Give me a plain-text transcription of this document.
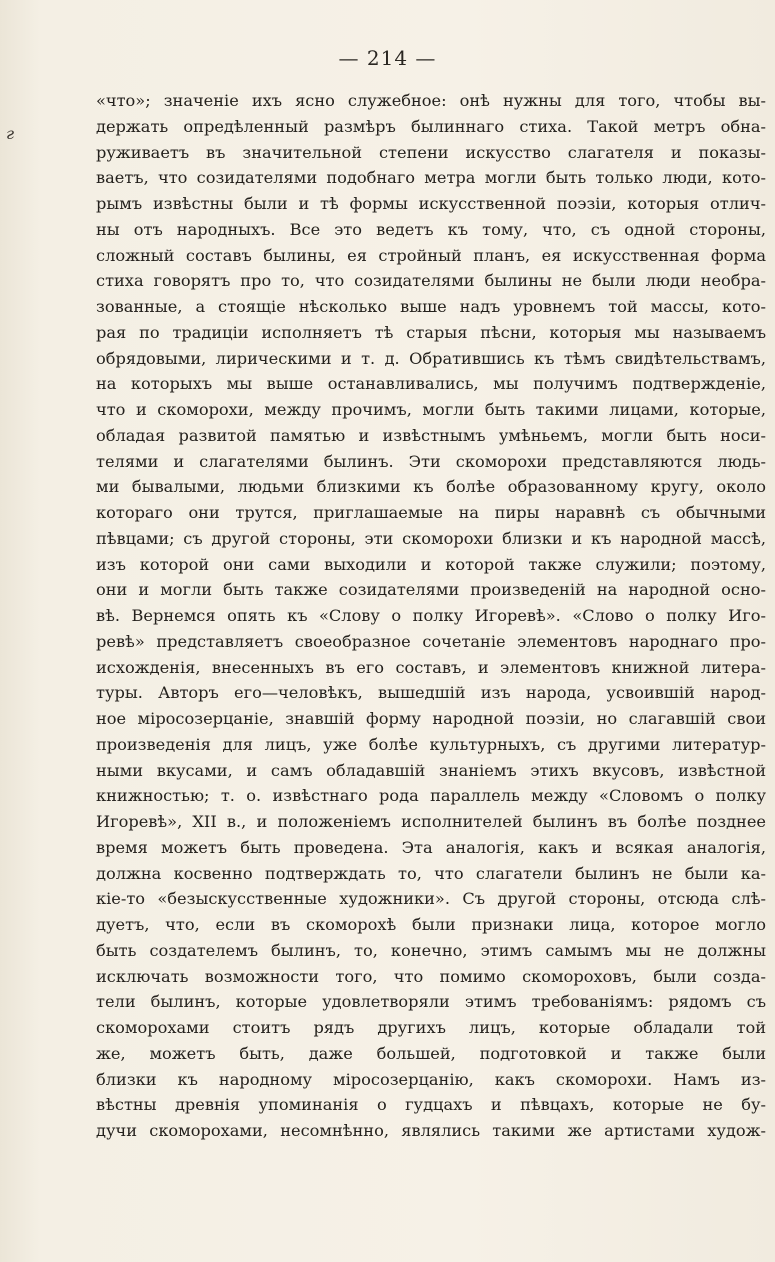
— 214 —
г
«что»; значеніе ихъ ясно служебное: онѣ нужны для того, чтобы вы-
держать опредѣленный размѣръ былиннаго стиха. Такой метръ обна-
руживаетъ въ значительной степени искусство слагателя и показы-
ваетъ, что созидателями подобнаго метра могли быть только люди, кото-
рымъ извѣстны были и тѣ формы искусственной поэзіи, которыя отлич-
ны отъ народныхъ. Все это ведетъ къ тому, что, съ одной стороны,
сложный составъ былины, ея стройный планъ, ея искусственная форма
стиха говорятъ про то, что созидателями былины не были люди необра-
зованные, а стоящіе нѣсколько выше надъ уровнемъ той массы, кото-
рая по традиціи исполняетъ тѣ старыя пѣсни, которыя мы называемъ
обрядовыми, лирическими и т. д. Обратившись къ тѣмъ свидѣтельствамъ,
на которыхъ мы выше останавливались, мы получимъ подтвержденіе,
что и скоморохи, между прочимъ, могли быть такими лицами, которые,
обладая развитой памятью и извѣстнымъ умѣньемъ, могли быть носи-
телями и слагателями былинъ. Эти скоморохи представляются людь-
ми бывалыми, людьми близкими къ болѣе образованному кругу, около
котораго они трутся, приглашаемые на пиры наравнѣ съ обычными
пѣвцами; съ другой стороны, эти скоморохи близки и къ народной массѣ,
изъ которой они сами выходили и которой также служили; поэтому,
они и могли быть также созидателями произведеній на народной осно-
вѣ. Вернемся опять къ «Слову о полку Игоревѣ». «Слово о полку Иго-
ревѣ» представляетъ своеобразное сочетаніе элементовъ народнаго про-
исхожденія, внесенныхъ въ его составъ, и элементовъ книжной литера-
туры. Авторъ его—человѣкъ, вышедшій изъ народа, усвоившій народ-
ное міросозерцаніе, знавшій форму народной поэзіи, но слагавшій свои
произведенія для лицъ, уже болѣе культурныхъ, съ другими литератур-
ными вкусами, и самъ обладавшій знаніемъ этихъ вкусовъ, извѣстной
книжностью; т. о. извѣстнаго рода параллель между «Словомъ о полку
Игоревѣ», XII в., и положеніемъ исполнителей былинъ въ болѣе позднее
время можетъ быть проведена. Эта аналогія, какъ и всякая аналогія,
должна косвенно подтверждать то, что слагатели былинъ не были ка-
кіе-то «безыскусственные художники». Съ другой стороны, отсюда слѣ-
дуетъ, что, если въ скоморохѣ были признаки лица, которое могло
быть создателемъ былинъ, то, конечно, этимъ самымъ мы не должны
исключать возможности того, что помимо скомороховъ, были созда-
тели былинъ, которые удовлетворяли этимъ требованіямъ: рядомъ съ
скоморохами стоитъ рядъ другихъ лицъ, которые обладали той
же, можетъ быть, даже большей, подготовкой и также были
близки къ народному міросозерцанію, какъ скоморохи. Намъ из-
вѣстны древнія упоминанія о гудцахъ и пѣвцахъ, которые не бу-
дучи скоморохами, несомнѣнно, являлись такими же артистами худож-
